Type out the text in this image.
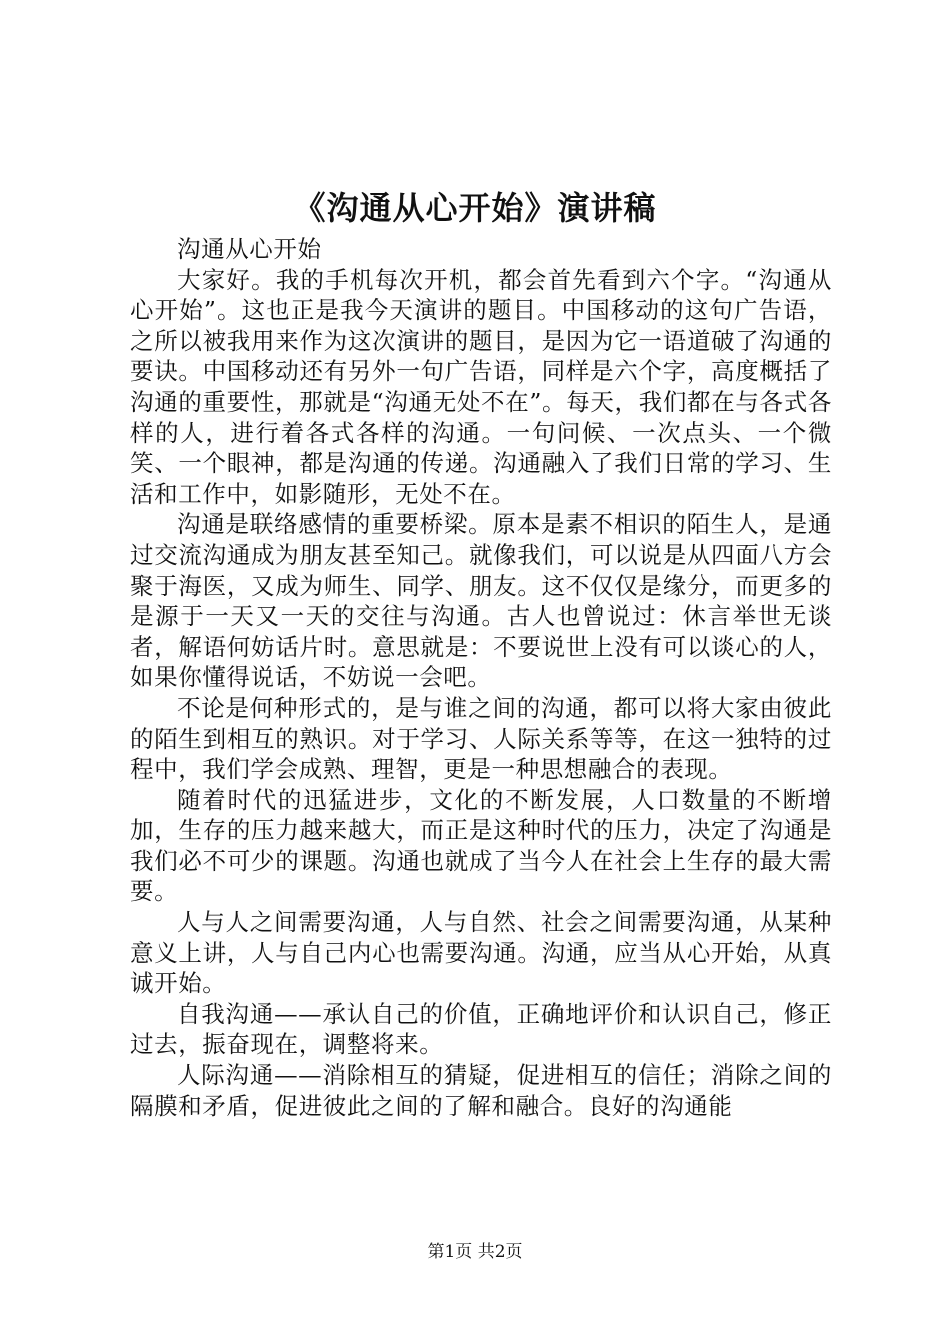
《沟通从心开始》演讲稿

沟通从心开始

大家好。我的手机每次开机，都会首先看到六个字。“沟通从心开始”。这也正是我今天演讲的题目。中国移动的这句广告语，之所以被我用来作为这次演讲的题目，是因为它一语道破了沟通的要诀。中国移动还有另外一句广告语，同样是六个字，高度概括了沟通的重要性，那就是“沟通无处不在”。每天，我们都在与各式各样的人，进行着各式各样的沟通。一句问候、一次点头、一个微笑、一个眼神，都是沟通的传递。沟通融入了我们日常的学习、生活和工作中，如影随形，无处不在。

沟通是联络感情的重要桥梁。原本是素不相识的陌生人，是通过交流沟通成为朋友甚至知己。就像我们，可以说是从四面八方会聚于海医，又成为师生、同学、朋友。这不仅仅是缘分，而更多的是源于一天又一天的交往与沟通。古人也曾说过：休言举世无谈者，解语何妨话片时。意思就是：不要说世上没有可以谈心的人，如果你懂得说话，不妨说一会吧。

不论是何种形式的，是与谁之间的沟通，都可以将大家由彼此的陌生到相互的熟识。对于学习、人际关系等等，在这一独特的过程中，我们学会成熟、理智，更是一种思想融合的表现。

随着时代的迅猛进步，文化的不断发展，人口数量的不断增加，生存的压力越来越大，而正是这种时代的压力，决定了沟通是我们必不可少的课题。沟通也就成了当今人在社会上生存的最大需要。

人与人之间需要沟通，人与自然、社会之间需要沟通，从某种意义上讲，人与自己内心也需要沟通。沟通，应当从心开始，从真诚开始。

自我沟通——承认自己的价值，正确地评价和认识自己，修正过去，振奋现在，调整将来。

人际沟通——消除相互的猜疑，促进相互的信任；消除之间的隔膜和矛盾，促进彼此之间的了解和融合。良好的沟通能

第1页 共2页
